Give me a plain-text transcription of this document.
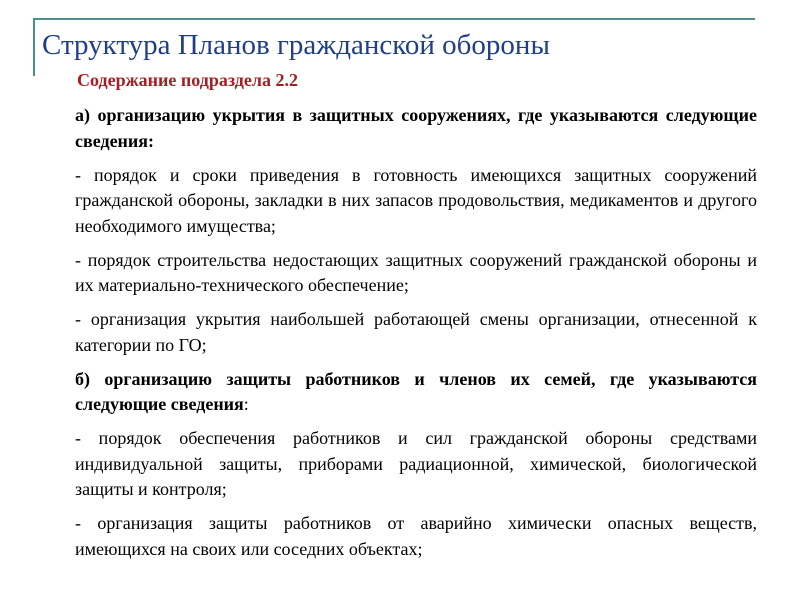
Структура Планов гражданской обороны
Содержание подраздела 2.2

а) организацию укрытия в защитных сооружениях, где указываются следующие сведения:

- порядок и сроки приведения в готовность имеющихся защитных сооружений гражданской обороны, закладки в них запасов продовольствия, медикаментов и другого необходимого имущества;

- порядок строительства недостающих защитных сооружений гражданской обороны и их материально-технического обеспечение;

- организация укрытия наибольшей работающей смены организации, отнесенной к категории по ГО;

б) организацию защиты работников и членов их семей, где указываются следующие сведения:

- порядок обеспечения работников и сил гражданской обороны средствами индивидуальной защиты, приборами радиационной, химической, биологической защиты и контроля;

- организация защиты работников от аварийно химически опасных веществ, имеющихся на своих или соседних объектах;
